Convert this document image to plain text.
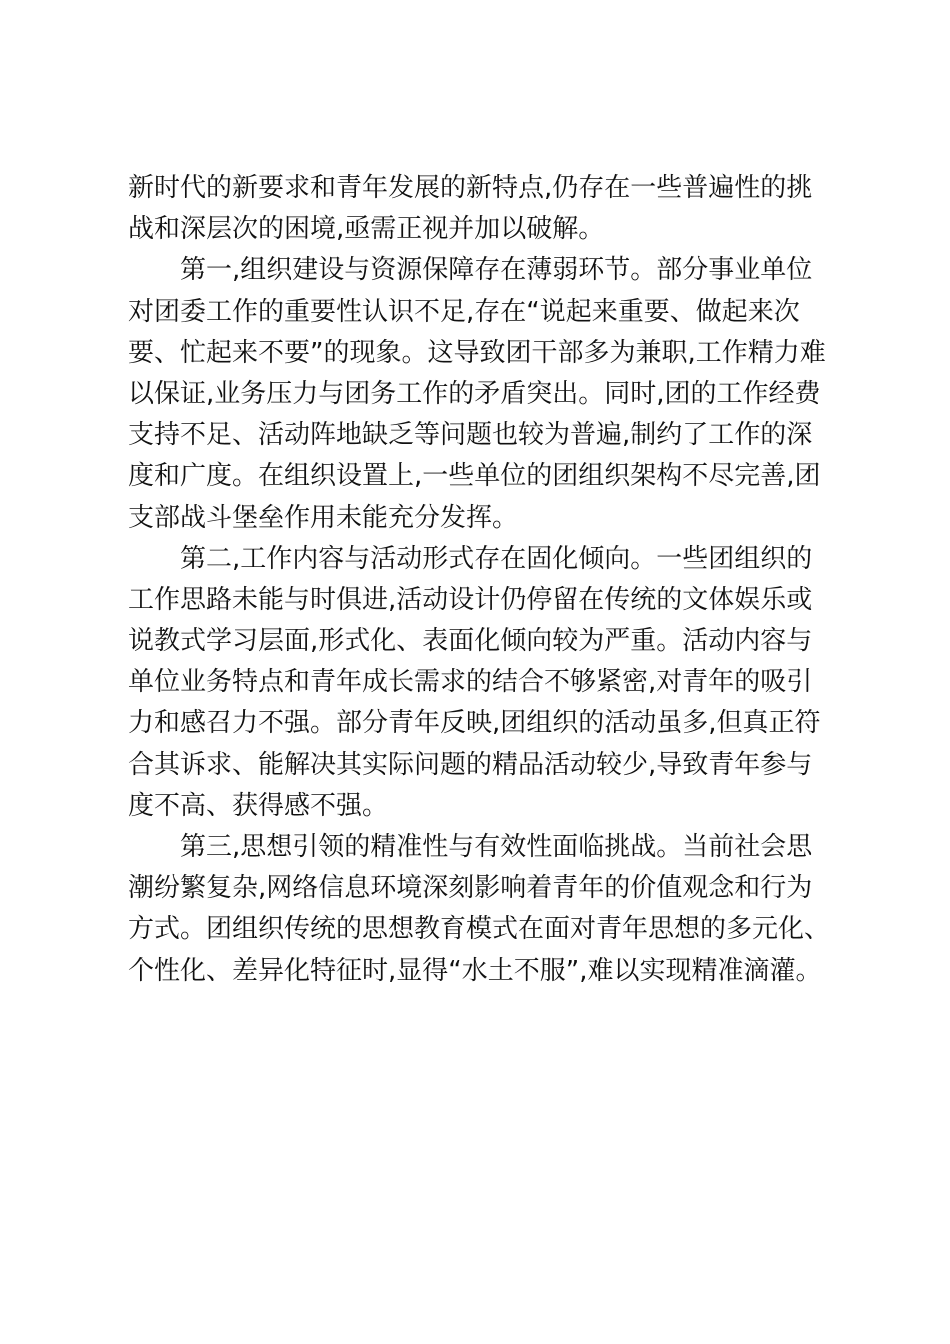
新时代的新要求和青年发展的新特点,仍存在一些普遍性的挑
战和深层次的困境,亟需正视并加以破解。
第一,组织建设与资源保障存在薄弱环节。部分事业单位
对团委工作的重要性认识不足,存在“说起来重要、做起来次
要、忙起来不要”的现象。这导致团干部多为兼职,工作精力难
以保证,业务压力与团务工作的矛盾突出。同时,团的工作经费
支持不足、活动阵地缺乏等问题也较为普遍,制约了工作的深
度和广度。在组织设置上,一些单位的团组织架构不尽完善,团
支部战斗堡垒作用未能充分发挥。
第二,工作内容与活动形式存在固化倾向。一些团组织的
工作思路未能与时俱进,活动设计仍停留在传统的文体娱乐或
说教式学习层面,形式化、表面化倾向较为严重。活动内容与
单位业务特点和青年成长需求的结合不够紧密,对青年的吸引
力和感召力不强。部分青年反映,团组织的活动虽多,但真正符
合其诉求、能解决其实际问题的精品活动较少,导致青年参与
度不高、获得感不强。
第三,思想引领的精准性与有效性面临挑战。当前社会思
潮纷繁复杂,网络信息环境深刻影响着青年的价值观念和行为
方式。团组织传统的思想教育模式在面对青年思想的多元化、
个性化、差异化特征时,显得“水土不服”,难以实现精准滴灌。
